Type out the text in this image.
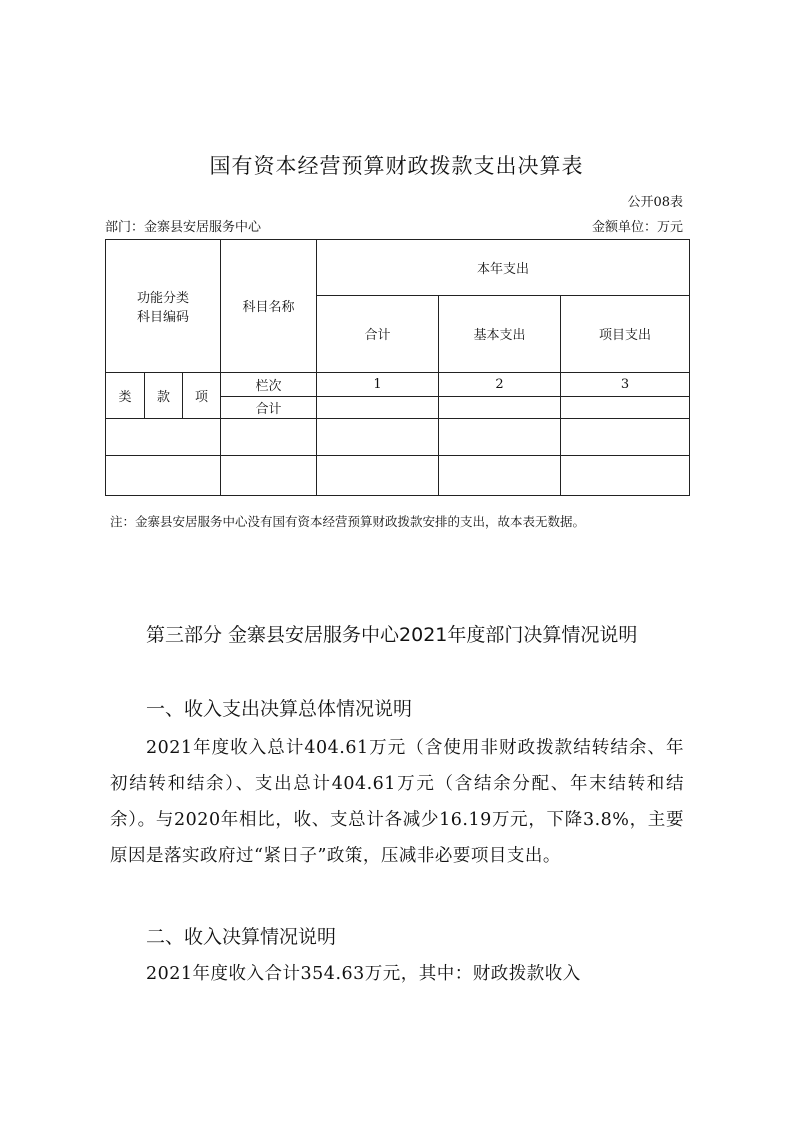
国有资本经营预算财政拨款支出决算表
公开08表
部门：金寨县安居服务中心	金额单位：万元
功能分类
科目编码			科目名称	本年支出		
				合计	基本支出	项目支出
类	款	项	栏次	1	2	3
			合计			

注：金寨县安居服务中心没有国有资本经营预算财政拨款安排的支出，故本表无数据。
第三部分 金寨县安居服务中心2021年度部门决算情况说明
一、收入支出决算总体情况说明
2021年度收入总计404.61万元（含使用非财政拨款结转结余、年初结转和结余）、支出总计404.61万元（含结余分配、年末结转和结余）。与2020年相比，收、支总计各减少16.19万元，下降3.8%，主要原因是落实政府过“紧日子”政策，压减非必要项目支出。
二、收入决算情况说明
2021年度收入合计354.63万元，其中：财政拨款收入
